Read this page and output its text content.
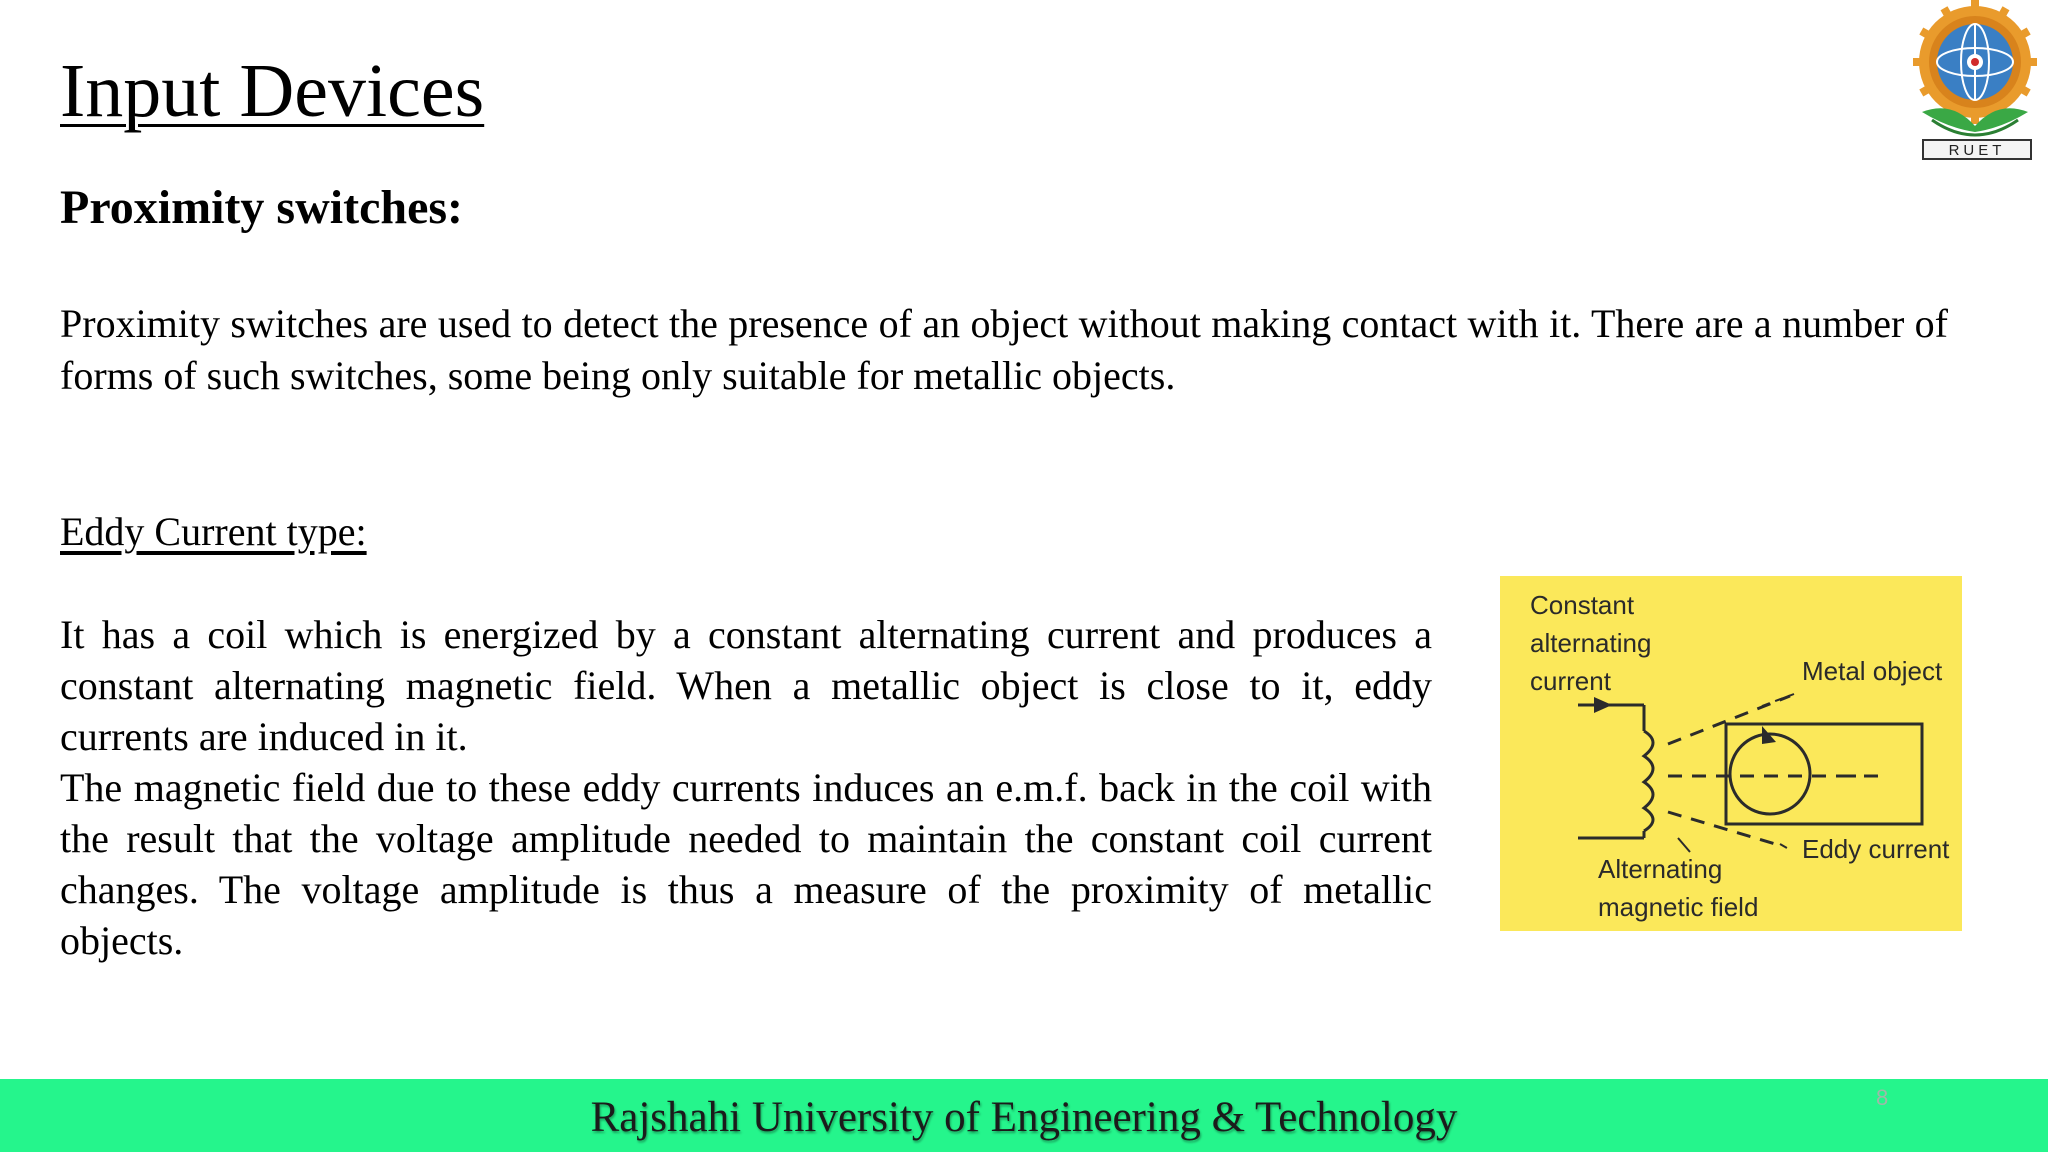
Input Devices
RUET
Proximity switches:
Proximity switches are used to detect the presence of an object without making contact with it. There are a number of forms of such switches, some being only suitable for metallic objects.
Eddy Current type:

It has a coil which is energized by a constant alternating current and produces a constant alternating magnetic field. When a metallic object is close to it, eddy currents are induced in it.

The magnetic field due to these eddy currents induces an e.m.f. back in the coil with the result that the voltage amplitude needed to maintain the constant coil current changes. The voltage amplitude is thus a measure of the proximity of metallic objects.

Constant
alternating
current	Metal object
Eddy current
Alternating
magnetic field
Rajshahi University of Engineering & Technology	8
